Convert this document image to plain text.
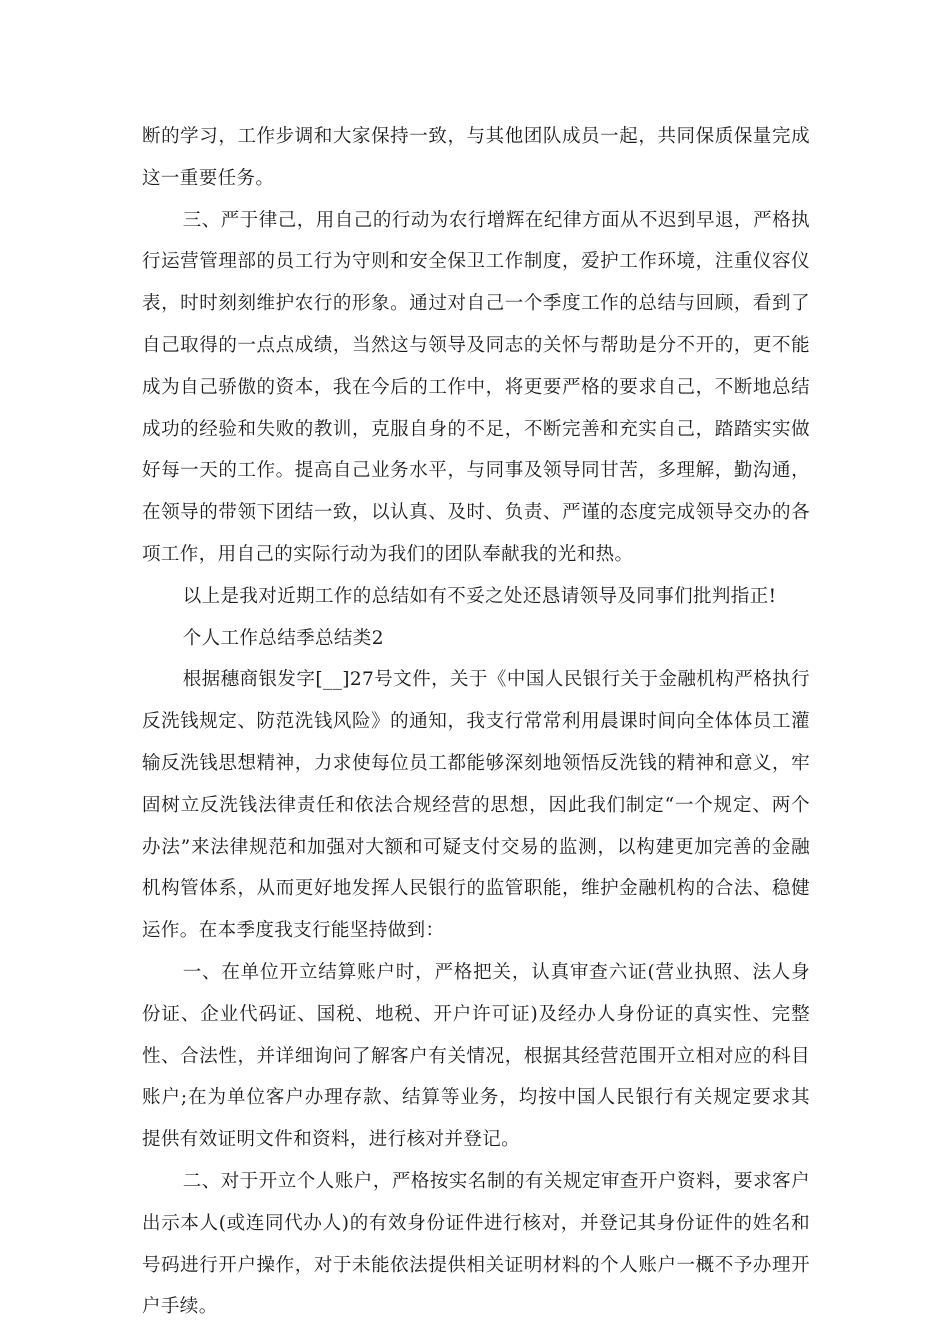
断的学习，工作步调和大家保持一致，与其他团队成员一起，共同保质保量完成这一重要任务。

三、严于律己，用自己的行动为农行增辉在纪律方面从不迟到早退，严格执行运营管理部的员工行为守则和安全保卫工作制度，爱护工作环境，注重仪容仪表，时时刻刻维护农行的形象。通过对自己一个季度工作的总结与回顾，看到了自己取得的一点点成绩，当然这与领导及同志的关怀与帮助是分不开的，更不能成为自己骄傲的资本，我在今后的工作中，将更要严格的要求自己，不断地总结成功的经验和失败的教训，克服自身的不足，不断完善和充实自己，踏踏实实做好每一天的工作。提高自己业务水平，与同事及领导同甘苦，多理解，勤沟通，在领导的带领下团结一致，以认真、及时、负责、严谨的态度完成领导交办的各项工作，用自己的实际行动为我们的团队奉献我的光和热。

以上是我对近期工作的总结如有不妥之处还恳请领导及同事们批判指正!

个人工作总结季总结类2

根据穗商银发字[__]27号文件，关于《中国人民银行关于金融机构严格执行反洗钱规定、防范洗钱风险》的通知，我支行常常利用晨课时间向全体体员工灌输反洗钱思想精神，力求使每位员工都能够深刻地领悟反洗钱的精神和意义，牢固树立反洗钱法律责任和依法合规经营的思想，因此我们制定“一个规定、两个办法”来法律规范和加强对大额和可疑支付交易的监测，以构建更加完善的金融机构管体系，从而更好地发挥人民银行的监管职能，维护金融机构的合法、稳健运作。在本季度我支行能坚持做到：

一、在单位开立结算账户时，严格把关，认真审查六证(营业执照、法人身份证、企业代码证、国税、地税、开户许可证)及经办人身份证的真实性、完整性、合法性，并详细询问了解客户有关情况，根据其经营范围开立相对应的科目账户;在为单位客户办理存款、结算等业务，均按中国人民银行有关规定要求其提供有效证明文件和资料，进行核对并登记。

二、对于开立个人账户，严格按实名制的有关规定审查开户资料，要求客户出示本人(或连同代办人)的有效身份证件进行核对，并登记其身份证件的姓名和号码进行开户操作，对于未能依法提供相关证明材料的个人账户一概不予办理开户手续。
